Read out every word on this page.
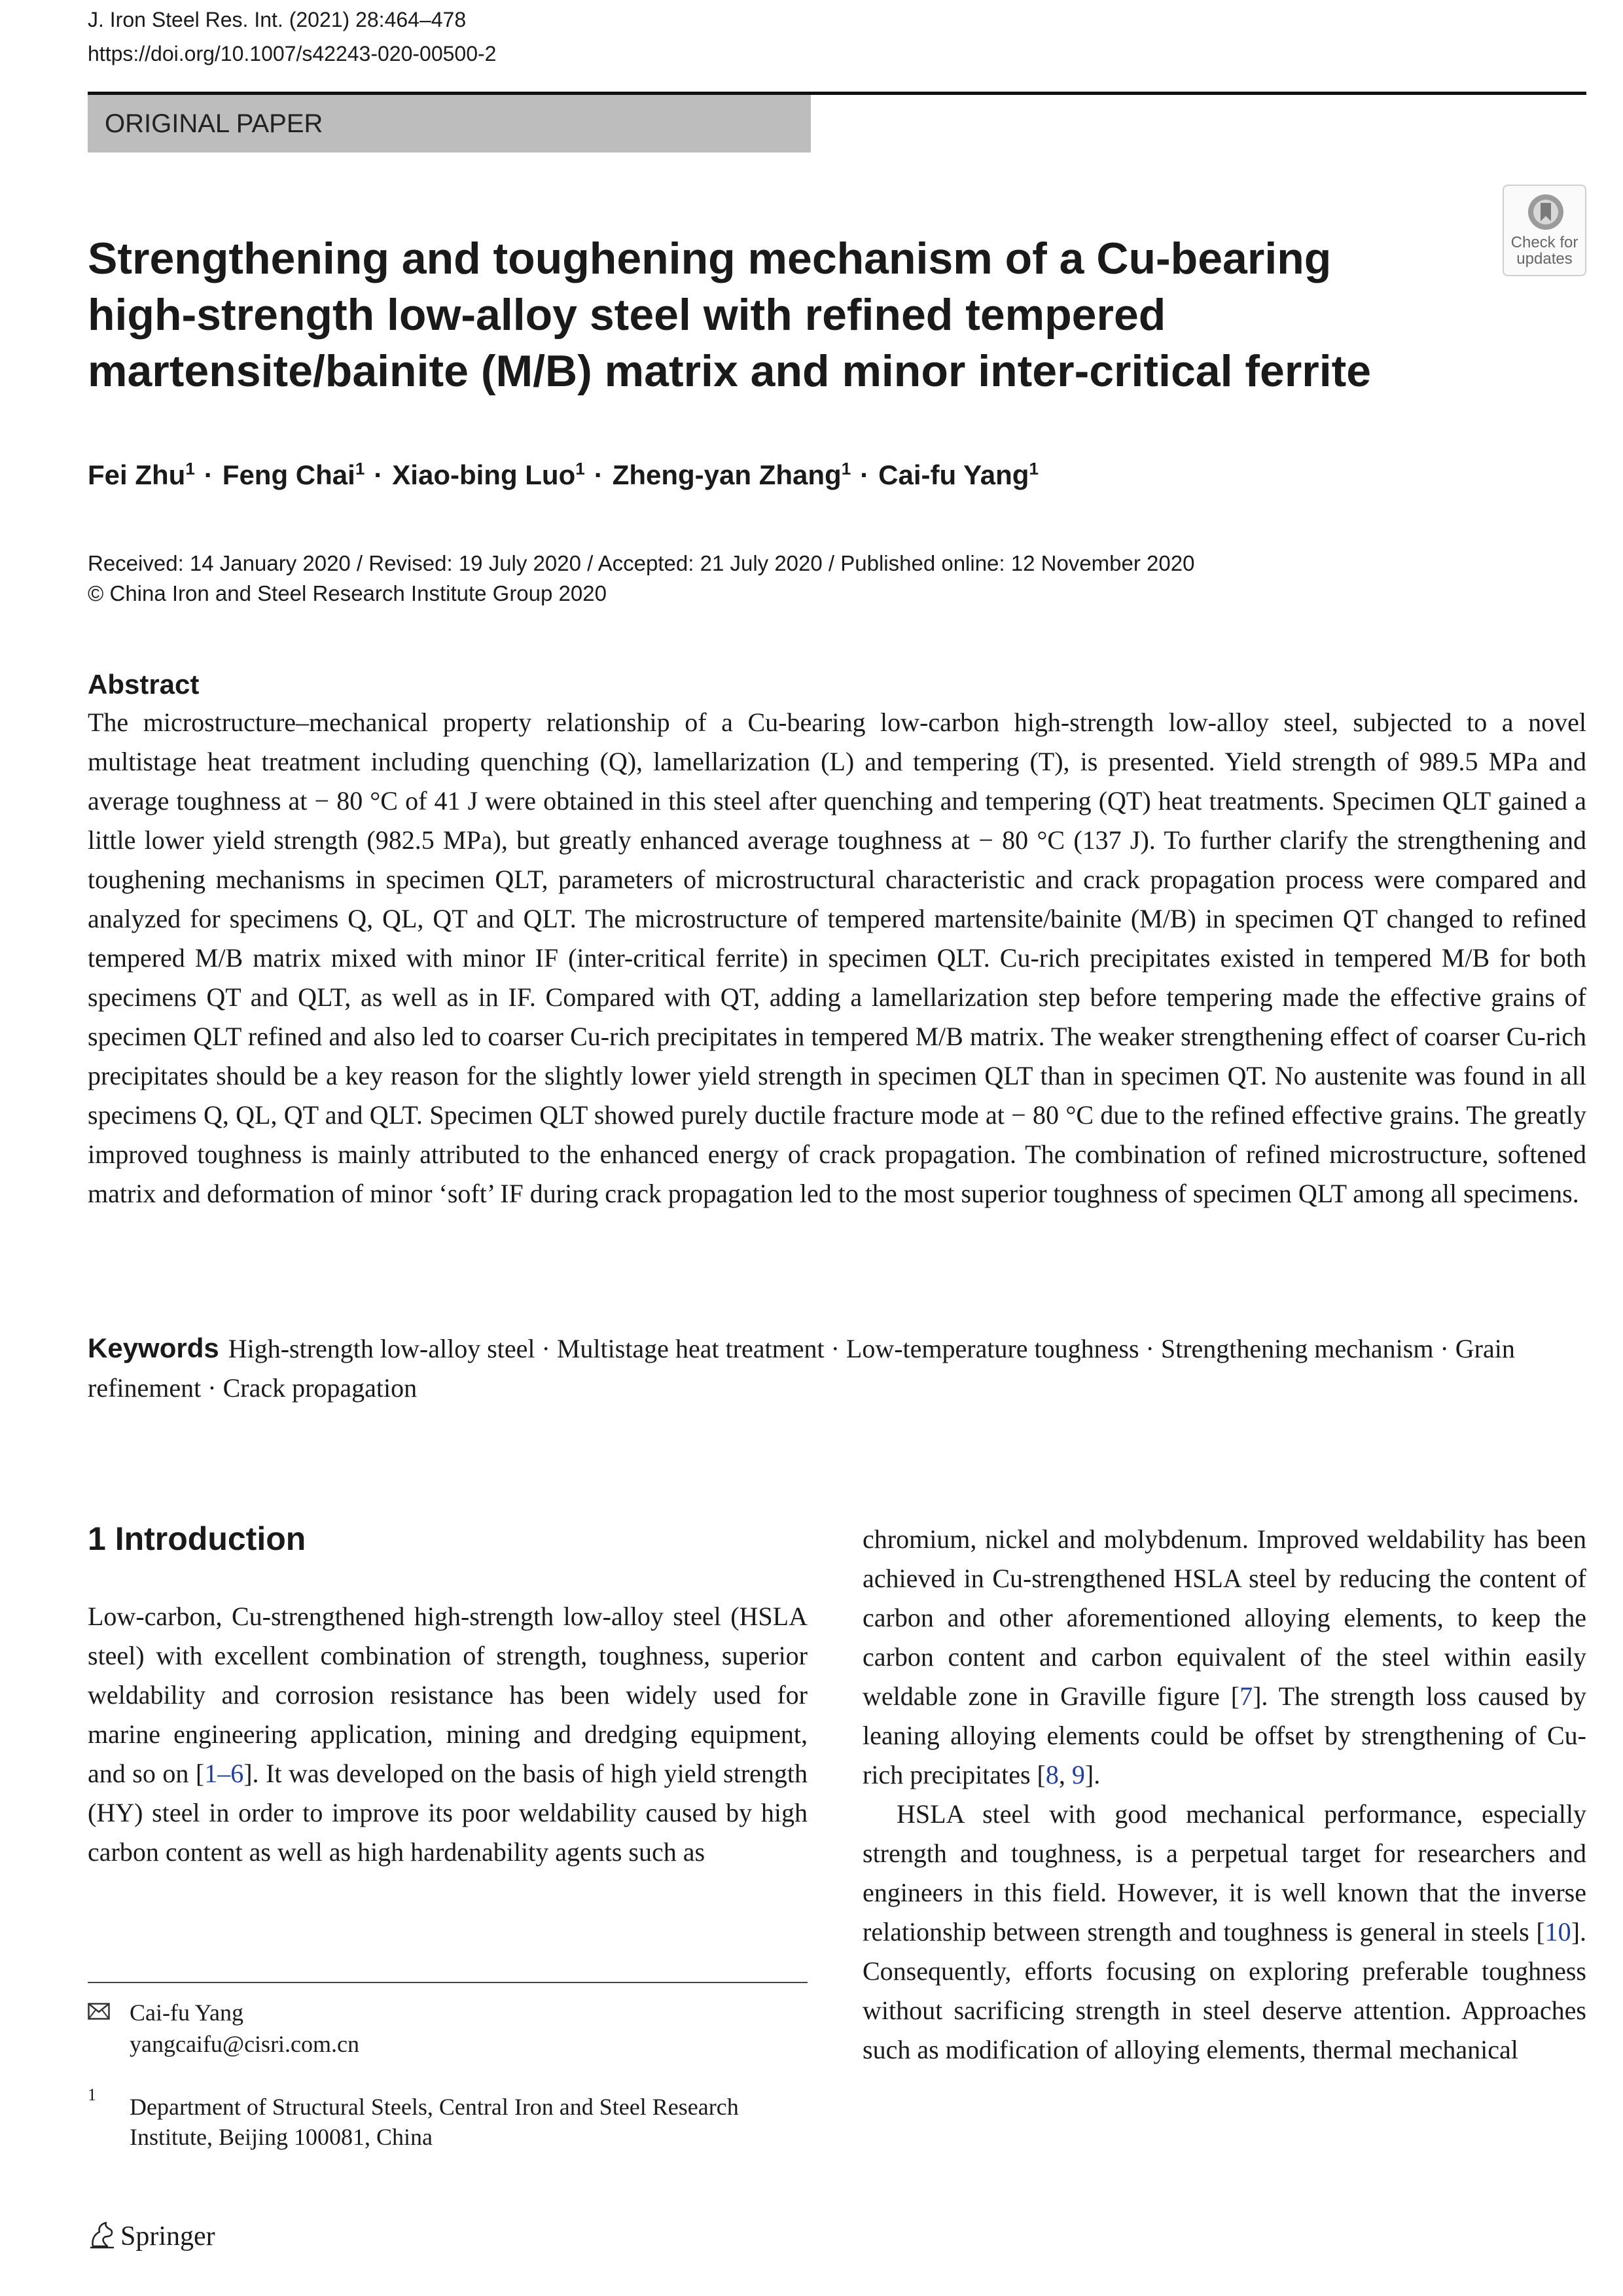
J. Iron Steel Res. Int. (2021) 28:464–478
https://doi.org/10.1007/s42243-020-00500-2
ORIGINAL PAPER
Check for
updates
Strengthening and toughening mechanism of a Cu-bearing high-strength low-alloy steel with refined tempered martensite/bainite (M/B) matrix and minor inter-critical ferrite
Fei Zhu$^1$ · Feng Chai$^1$ · Xiao-bing Luo$^1$ · Zheng-yan Zhang$^1$ · Cai-fu Yang$^1$
Received: 14 January 2020 / Revised: 19 July 2020 / Accepted: 21 July 2020 / Published online: 12 November 2020
© China Iron and Steel Research Institute Group 2020
Abstract

The microstructure–mechanical property relationship of a Cu-bearing low-carbon high-strength low-alloy steel, subjected to a novel multistage heat treatment including quenching (Q), lamellarization (L) and tempering (T), is presented. Yield strength of 989.5 MPa and average toughness at − 80 °C of 41 J were obtained in this steel after quenching and tempering (QT) heat treatments. Specimen QLT gained a little lower yield strength (982.5 MPa), but greatly enhanced average toughness at − 80 °C (137 J). To further clarify the strengthening and toughening mechanisms in specimen QLT, parameters of microstructural characteristic and crack propagation process were compared and analyzed for specimens Q, QL, QT and QLT. The microstructure of tempered martensite/bainite (M/B) in specimen QT changed to refined tempered M/B matrix mixed with minor IF (inter-critical ferrite) in specimen QLT. Cu-rich precipitates existed in tempered M/B for both specimens QT and QLT, as well as in IF. Compared with QT, adding a lamellarization step before tempering made the effective grains of specimen QLT refined and also led to coarser Cu-rich precipitates in tempered M/B matrix. The weaker strengthening effect of coarser Cu-rich precipitates should be a key reason for the slightly lower yield strength in specimen QLT than in specimen QT. No austenite was found in all specimens Q, QL, QT and QLT. Specimen QLT showed purely ductile fracture mode at − 80 °C due to the refined effective grains. The greatly improved toughness is mainly attributed to the enhanced energy of crack propagation. The combination of refined microstructure, softened matrix and deformation of minor ‘soft’ IF during crack propagation led to the most superior toughness of specimen QLT among all specimens.

Keywords High-strength low-alloy steel · Multistage heat treatment · Low-temperature toughness · Strengthening mechanism · Grain refinement · Crack propagation
1 Introduction

Low-carbon, Cu-strengthened high-strength low-alloy steel (HSLA steel) with excellent combination of strength, toughness, superior weldability and corrosion resistance has been widely used for marine engineering application, mining and dredging equipment, and so on [1–6]. It was developed on the basis of high yield strength (HY) steel in order to improve its poor weldability caused by high carbon content as well as high hardenability agents such as

chromium, nickel and molybdenum. Improved weldability has been achieved in Cu-strengthened HSLA steel by reducing the content of carbon and other aforementioned alloying elements, to keep the carbon content and carbon equivalent of the steel within easily weldable zone in Graville figure [7]. The strength loss caused by leaning alloying elements could be offset by strengthening of Cu-rich precipitates [8, 9].

HSLA steel with good mechanical performance, especially strength and toughness, is a perpetual target for researchers and engineers in this field. However, it is well known that the inverse relationship between strength and toughness is general in steels [10]. Consequently, efforts focusing on exploring preferable toughness without sacrificing strength in steel deserve attention. Approaches such as modification of alloying elements, thermal mechanical

Cai-fu Yang
yangcaifu@cisri.com.cn
1 Department of Structural Steels, Central Iron and Steel Research Institute, Beijing 100081, China
Springer
